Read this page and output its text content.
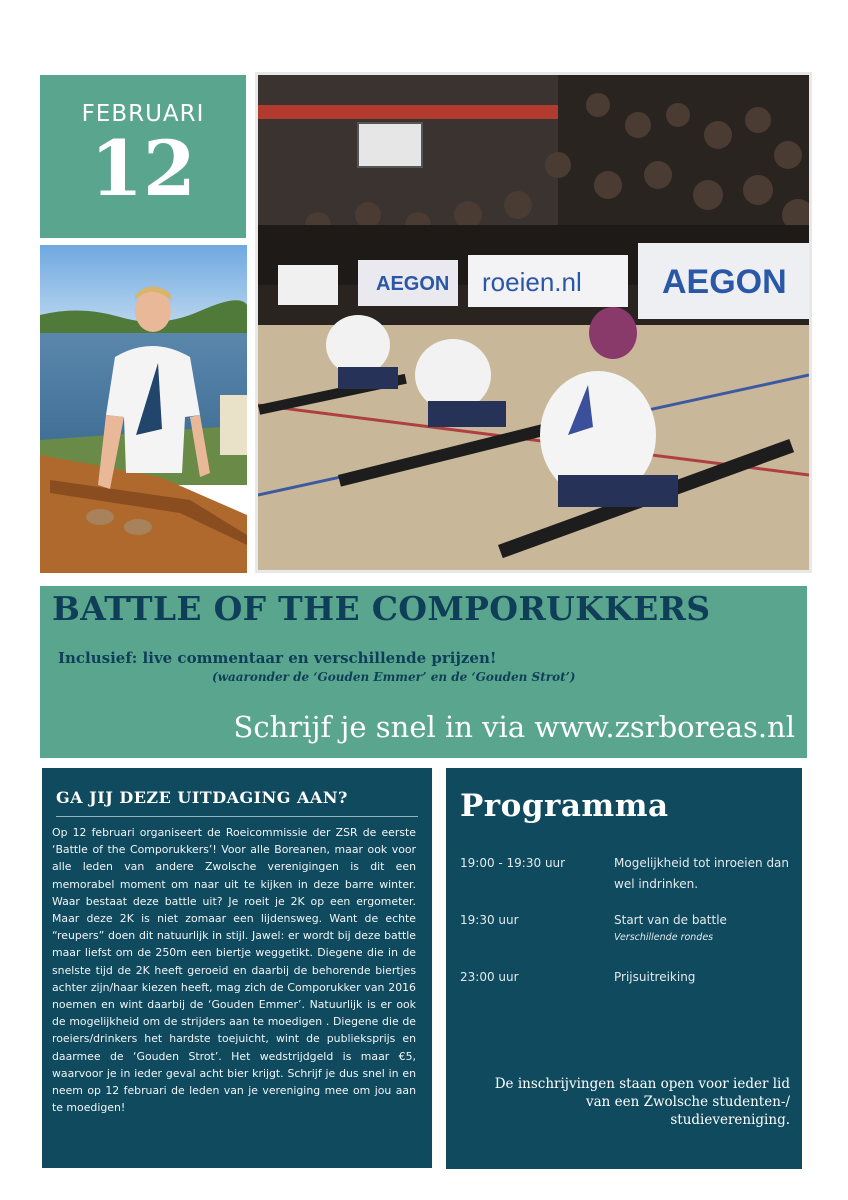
FEBRUARI
12
AEGON roeien.nl AEGON
BATTLE OF THE COMPORUKKERS
Inclusief: live commentaar en verschillende prijzen!
(waaronder de ‘Gouden Emmer’ en de ‘Gouden Strot’)
Schrijf je snel in via www.zsrboreas.nl
GA JIJ DEZE UITDAGING AAN?
Op 12 februari organiseert de Roeicommissie der ZSR de eerste ‘Battle of the Comporukkers’! Voor alle Boreanen, maar ook voor alle leden van andere Zwolsche verenigingen is dit een memorabel moment om naar uit te kijken in deze barre winter. Waar bestaat deze battle uit? Je roeit je 2K op een ergometer. Maar deze 2K is niet zomaar een lijdensweg. Want de echte “reupers” doen dit natuurlijk in stijl. Jawel: er wordt bij deze battle maar liefst om de 250m een biertje weggetikt. Diegene die in de snelste tijd de 2K heeft geroeid en daarbij de behorende biertjes achter zijn/haar kiezen heeft, mag zich de Comporukker van 2016 noemen en wint daarbij de ‘Gouden Emmer’. Natuurlijk is er ook de mogelijkheid om de strijders aan te moedigen . Diegene die de roeiers/drinkers het hardste toejuicht, wint de publieksprijs en daarmee de ‘Gouden Strot’. Het wedstrijdgeld is maar €5, waarvoor je in ieder geval acht bier krijgt. Schrijf je dus snel in en neem op 12 februari de leden van je vereniging mee om jou aan te moedigen!
Programma
19:00 - 19:30 uur	Mogelijkheid tot inroeien dan wel indrinken.
19:30 uur	Start van de battle
Verschillende rondes
23:00 uur	Prijsuitreiking
De inschrijvingen staan open voor ieder lid van een Zwolsche studenten-/ studievereniging.
